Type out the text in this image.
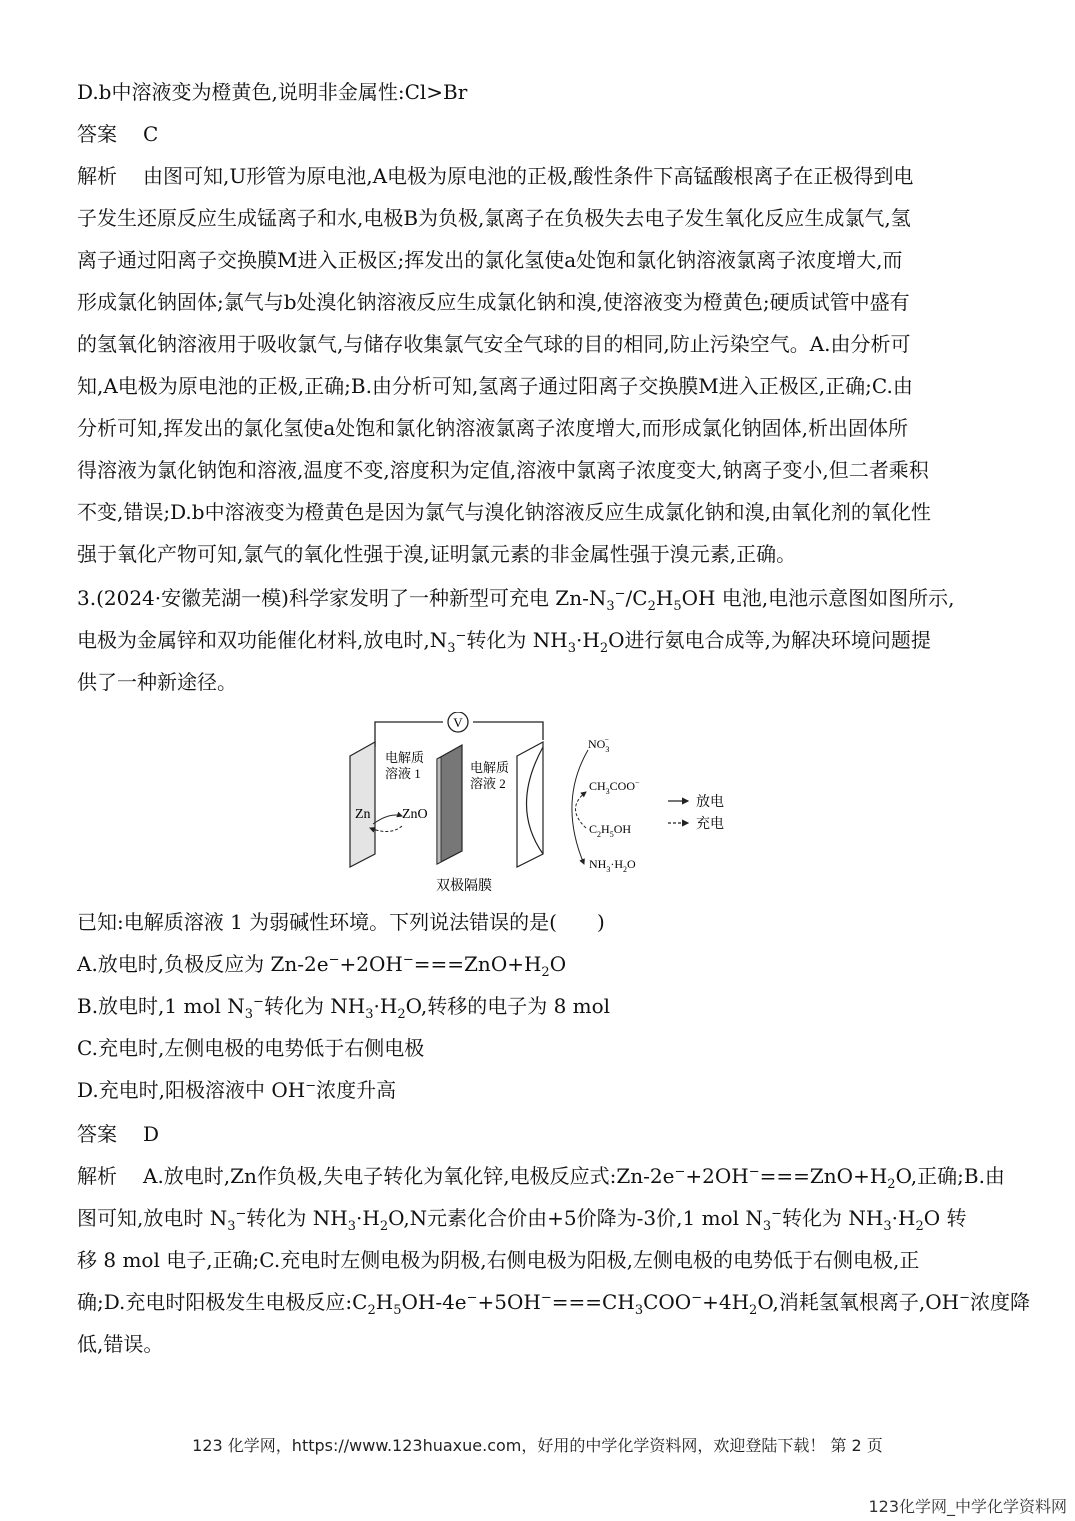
D.b中溶液变为橙黄色,说明非金属性:Cl>Br
答案 C
解析 由图可知,U形管为原电池,A电极为原电池的正极,酸性条件下高锰酸根离子在正极得到电
子发生还原反应生成锰离子和水,电极B为负极,氯离子在负极失去电子发生氧化反应生成氯气,氢
离子通过阳离子交换膜M进入正极区;挥发出的氯化氢使a处饱和氯化钠溶液氯离子浓度增大,而
形成氯化钠固体;氯气与b处溴化钠溶液反应生成氯化钠和溴,使溶液变为橙黄色;硬质试管中盛有
的氢氧化钠溶液用于吸收氯气,与储存收集氯气安全气球的目的相同,防止污染空气。A.由分析可
知,A电极为原电池的正极,正确;B.由分析可知,氢离子通过阳离子交换膜M进入正极区,正确;C.由
分析可知,挥发出的氯化氢使a处饱和氯化钠溶液氯离子浓度增大,而形成氯化钠固体,析出固体所
得溶液为氯化钠饱和溶液,温度不变,溶度积为定值,溶液中氯离子浓度变大,钠离子变小,但二者乘积
不变,错误;D.b中溶液变为橙黄色是因为氯气与溴化钠溶液反应生成氯化钠和溴,由氧化剂的氧化性
强于氧化产物可知,氯气的氧化性强于溴,证明氯元素的非金属性强于溴元素,正确。
3.(2024·安徽芜湖一模)科学家发明了一种新型可充电 $Zn-N_3^-/C_2H_5OH$ 电池,电池示意图如图所示,
电极为金属锌和双功能催化材料,放电时$,N_3^-$转化为 $NH_3\cdot H_2O$进行氨电合成等,为解决环境问题提
供了一种新途径。
V
电解质
溶液 1	电解质
溶液 2
Zn ZnO
$NO_3-$
$CH_3COO^-$
$C_2H_5OH$
$NH_3\cdot H_2O$
放电
充电
双极隔膜
已知:电解质溶液 1 为弱碱性环境。下列说法错误的是(　　)
A.放电时,负极反应为 $Zn-2e^-+2OH^-===ZnO+H_2O$
B.放电时,1 mol $N_3^-$转化为 $NH_3\cdot H_2O$,转移的电子为 8 mol
C.充电时,左侧电极的电势低于右侧电极
D.充电时,阳极溶液中 OH−浓度升高
答案 D
解析 A.放电时,Zn作负极,失电子转化为氧化锌,电极反应式$:Zn-2e^-+2OH^-===ZnO+H_2O$,正确;B.由
图可知,放电时 $N_3^-$转化为 $NH_3\cdot H_2O,N$元素化合价由+5价降为-3价,1 mol $N_3^-$转化为 $NH_3\cdot H_2O$ 转
移 8 mol 电子,正确;C.充电时左侧电极为阴极,右侧电极为阳极,左侧电极的电势低于右侧电极,正
确;D.充电时阳极发生电极反应$:C_2H_5OH-4e^-+5OH^-===CH_3COO^-+4H_2O$,消耗氢氧根离子,OH−浓度降
低,错误。
123 化学网，https://www.123huaxue.com，好用的中学化学资料网，欢迎登陆下载！ 第 2 页
123化学网_中学化学资料网
